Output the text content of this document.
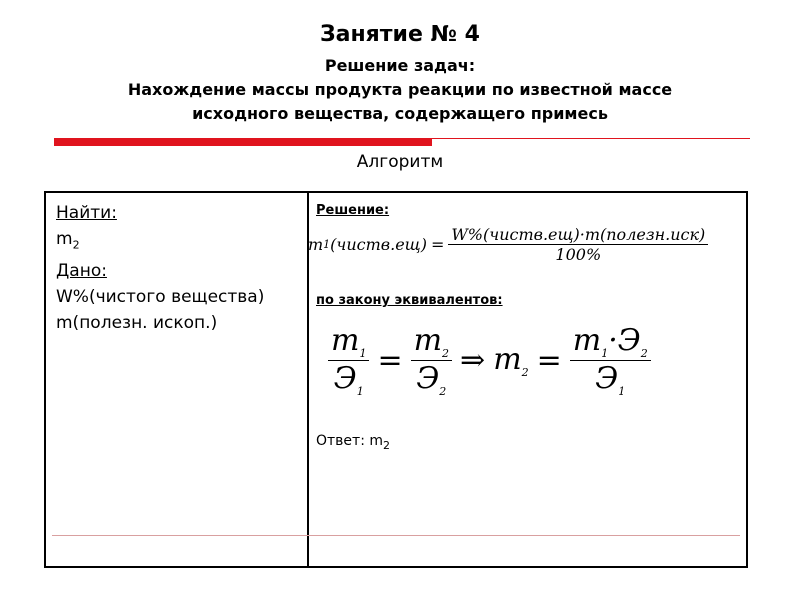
Занятие № 4
Решение задач:
Нахождение массы продукта реакции по известной массе
исходного вещества, содержащего примесь
Алгоритм
Найти:
$m_2$
Дано:
W%(чистого вещества)
m(полезн. ископ.)
Решение:
m 1 (чиств.ещ) = $\frac{\text{W\%(чиств.ещ)·m(полезн.иск)}}{100\%}$
по закону эквивалентов:
$\frac{m_1}{Э_1} = \frac{m_2}{Э_2}$ ⇒ $m_2 = \frac{m_1\cdot Э_2}{Э_1}$
Ответ: $m_2$
